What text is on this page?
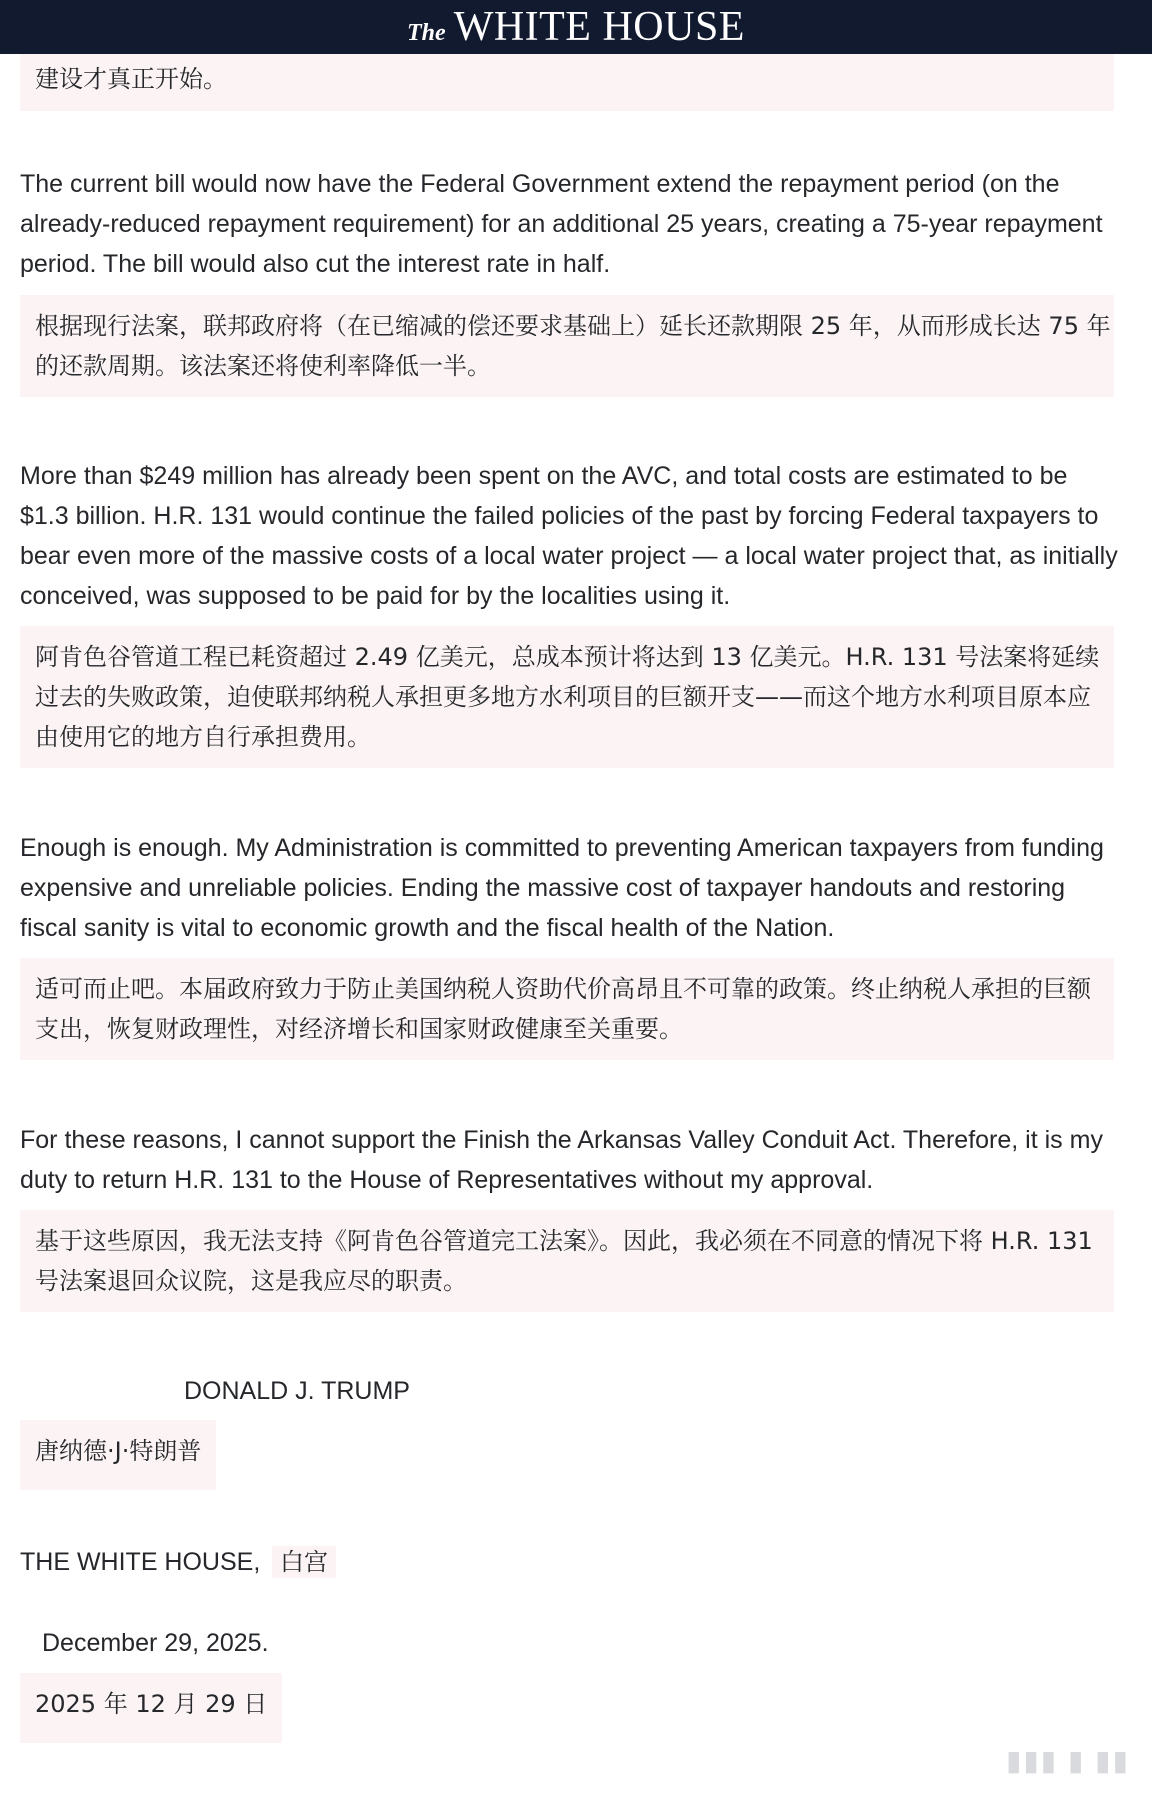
The WHITE HOUSE

建设才真正开始。

The current bill would now have the Federal Government extend the repayment period (on the already-reduced repayment requirement) for an additional 25 years, creating a 75-year repayment period. The bill would also cut the interest rate in half.

根据现行法案，联邦政府将（在已缩减的偿还要求基础上）延长还款期限 25 年，从而形成长达 75 年的还款周期。该法案还将使利率降低一半。

More than $249 million has already been spent on the AVC, and total costs are estimated to be $1.3 billion. H.R. 131 would continue the failed policies of the past by forcing Federal taxpayers to bear even more of the massive costs of a local water project — a local water project that, as initially conceived, was supposed to be paid for by the localities using it.

阿肯色谷管道工程已耗资超过 2.49 亿美元，总成本预计将达到 13 亿美元。H.R. 131 号法案将延续过去的失败政策，迫使联邦纳税人承担更多地方水利项目的巨额开支——而这个地方水利项目原本应由使用它的地方自行承担费用。

Enough is enough. My Administration is committed to preventing American taxpayers from funding expensive and unreliable policies. Ending the massive cost of taxpayer handouts and restoring fiscal sanity is vital to economic growth and the fiscal health of the Nation.

适可而止吧。本届政府致力于防止美国纳税人资助代价高昂且不可靠的政策。终止纳税人承担的巨额支出，恢复财政理性，对经济增长和国家财政健康至关重要。

For these reasons, I cannot support the Finish the Arkansas Valley Conduit Act. Therefore, it is my duty to return H.R. 131 to the House of Representatives without my approval.

基于这些原因，我无法支持《阿肯色谷管道完工法案》。因此，我必须在不同意的情况下将 H.R. 131 号法案退回众议院，这是我应尽的职责。

DONALD J. TRUMP

唐纳德·J·特朗普

THE WHITE HOUSE, 白宫
December 29, 2025.

2025 年 12 月 29 日

▮▮▮ ▮ ▮▮
